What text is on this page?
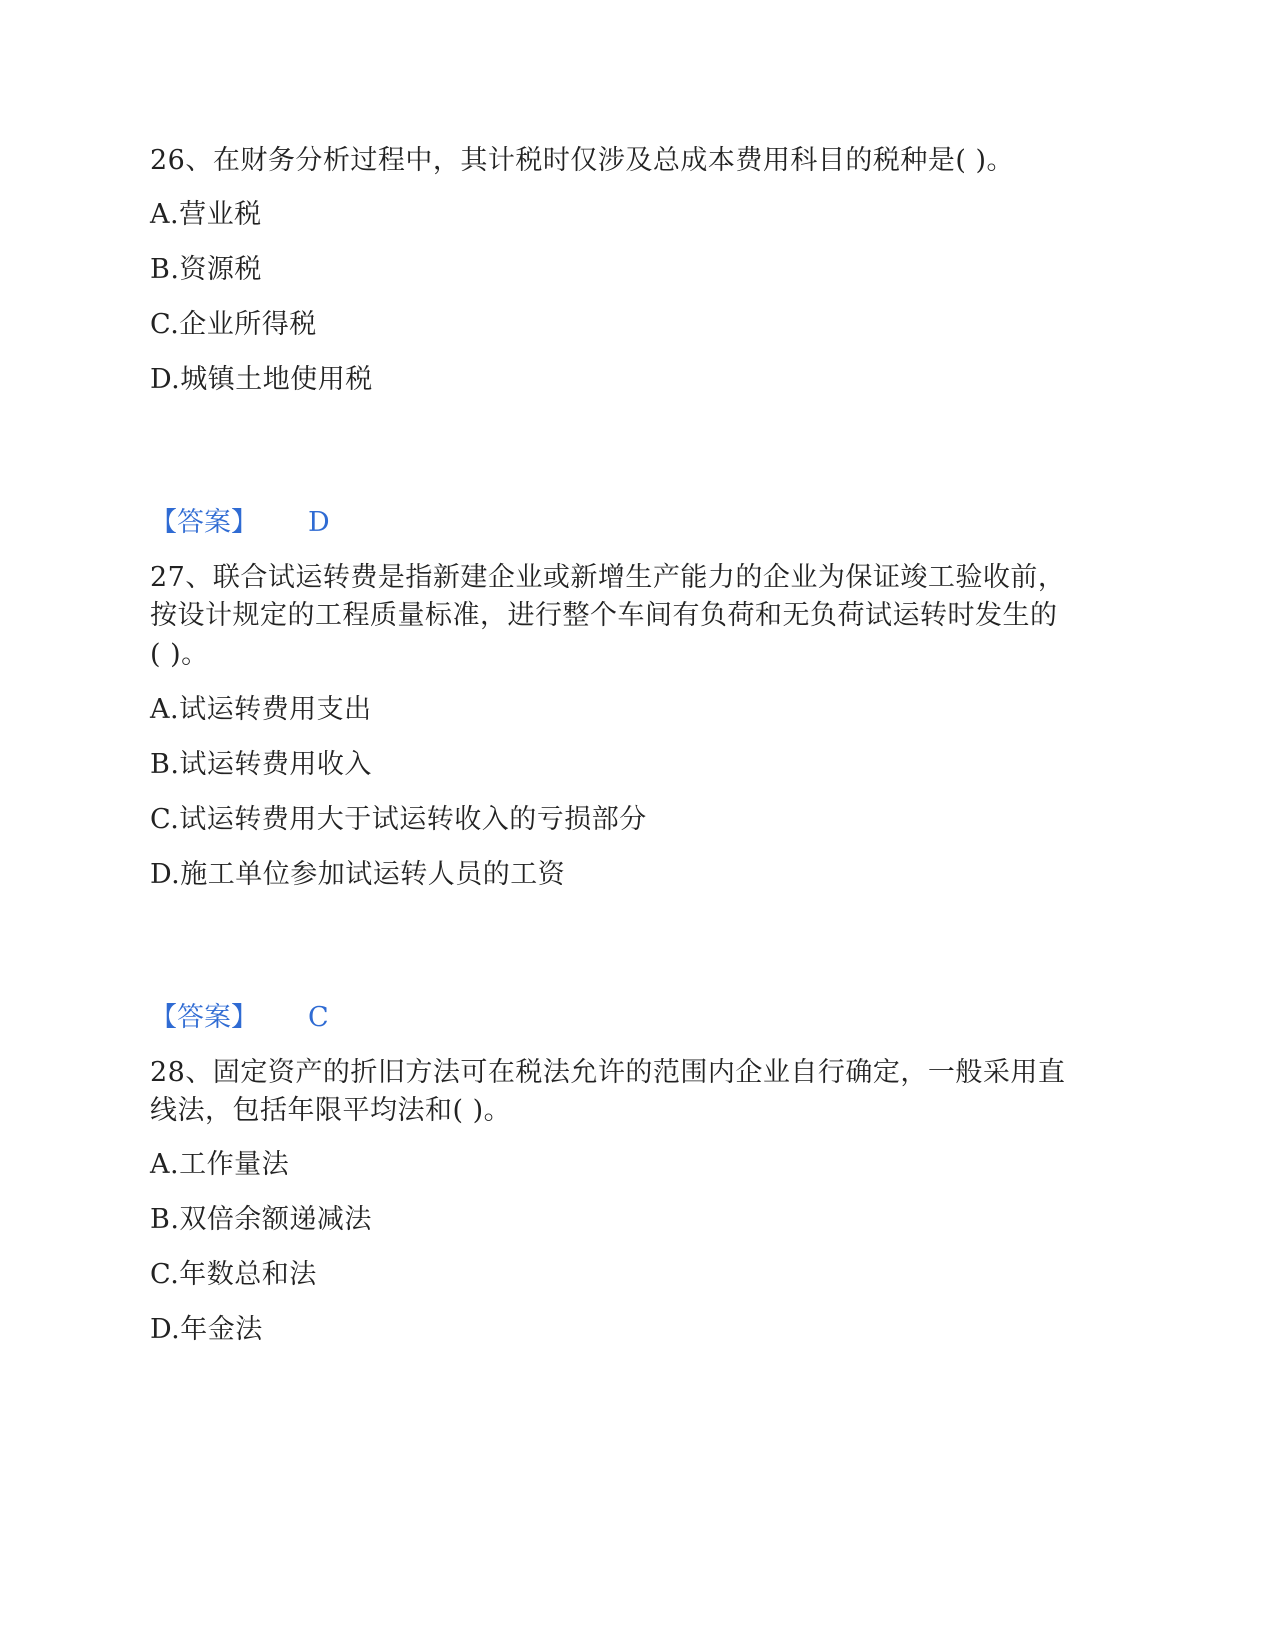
26、在财务分析过程中，其计税时仅涉及总成本费用科目的税种是( )。
A.营业税
B.资源税
C.企业所得税
D.城镇土地使用税
【答案】 D
27、联合试运转费是指新建企业或新增生产能力的企业为保证竣工验收前，
按设计规定的工程质量标准，进行整个车间有负荷和无负荷试运转时发生的
( )。
A.试运转费用支出
B.试运转费用收入
C.试运转费用大于试运转收入的亏损部分
D.施工单位参加试运转人员的工资
【答案】 C
28、固定资产的折旧方法可在税法允许的范围内企业自行确定，一般采用直
线法，包括年限平均法和( )。
A.工作量法
B.双倍余额递减法
C.年数总和法
D.年金法
